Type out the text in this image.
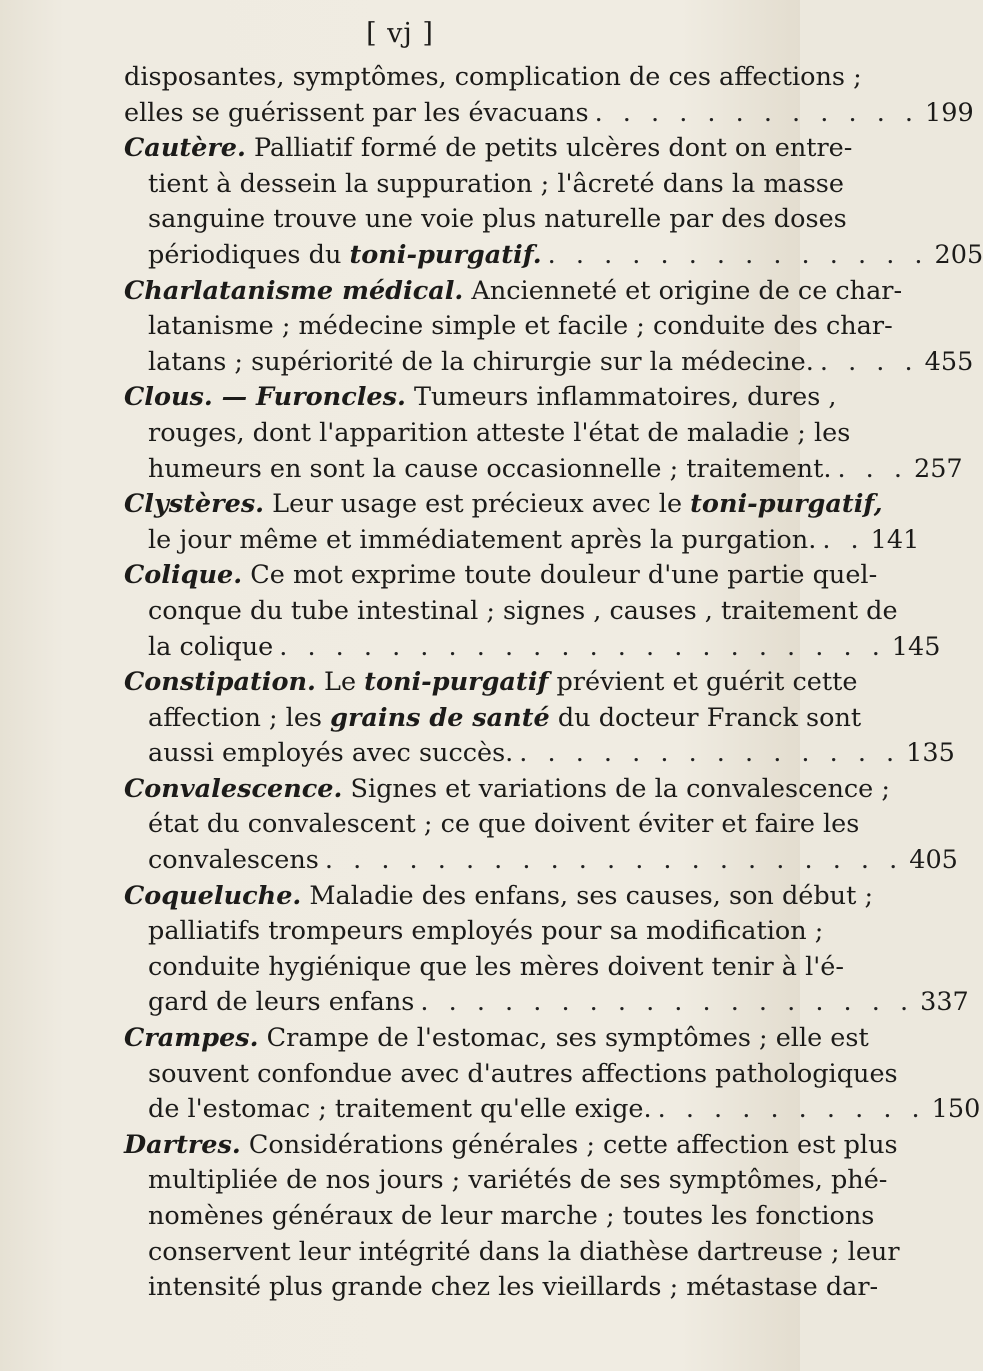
[ vj ]
disposantes, symptômes, complication de ces affections ;
elles se guérissent par les évacuans . . . . . . . . . . . . 199
Cautère. Palliatif formé de petits ulcères dont on entre-
tient à dessein la suppuration ; l'âcreté dans la masse
sanguine trouve une voie plus naturelle par des doses
périodiques du toni-purgatif. . . . . . . . . . . . . . . 205
Charlatanisme médical. Ancienneté et origine de ce char-
latanisme ; médecine simple et facile ; conduite des char-
latans ; supériorité de la chirurgie sur la médecine. . . . . 455
Clous. — Furoncles. Tumeurs inflammatoires, dures ,
rouges, dont l'apparition atteste l'état de maladie ; les
humeurs en sont la cause occasionnelle ; traitement. . . . 257
Clystères. Leur usage est précieux avec le toni-purgatif,
le jour même et immédiatement après la purgation. . . 141
Colique. Ce mot exprime toute douleur d'une partie quel-
conque du tube intestinal ; signes , causes , traitement de
la colique . . . . . . . . . . . . . . . . . . . . . . 145
Constipation. Le toni-purgatif prévient et guérit cette
affection ; les grains de santé du docteur Franck sont
aussi employés avec succès. . . . . . . . . . . . . . . 135
Convalescence. Signes et variations de la convalescence ;
état du convalescent ; ce que doivent éviter et faire les
convalescens . . . . . . . . . . . . . . . . . . . . . 405
Coqueluche. Maladie des enfans, ses causes, son début ;
palliatifs trompeurs employés pour sa modification ;
conduite hygiénique que les mères doivent tenir à l'é-
gard de leurs enfans . . . . . . . . . . . . . . . . . . 337
Crampes. Crampe de l'estomac, ses symptômes ; elle est
souvent confondue avec d'autres affections pathologiques
de l'estomac ; traitement qu'elle exige. . . . . . . . . . . 150
Dartres. Considérations générales ; cette affection est plus
multipliée de nos jours ; variétés de ses symptômes, phé-
nomènes généraux de leur marche ; toutes les fonctions
conservent leur intégrité dans la diathèse dartreuse ; leur
intensité plus grande chez les vieillards ; métastase dar-
